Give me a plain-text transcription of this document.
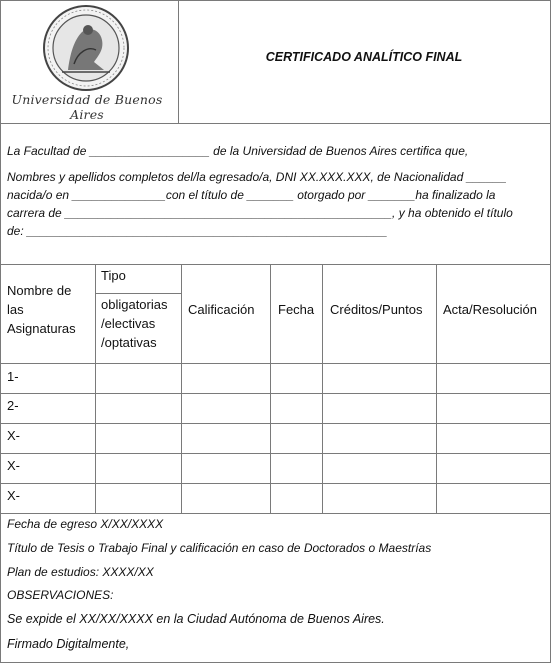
Universidad de Buenos Aires
CERTIFICADO ANALÍTICO FINAL
La Facultad de __________________ de la Universidad de Buenos Aires certifica que,
Nombres y apellidos completos del/la egresado/a, DNI XX.XXX.XXX, de Nacionalidad ______
nacida/o en ______________con el título de _______ otorgado por _______ha finalizado la
carrera de _________________________________________________, y ha obtenido el título
de: ______________________________________________________
Nombre de
las
Asignaturas
Tipo
obligatorias
/electivas
/optativas
Calificación Fecha Créditos/Puntos Acta/Resolución
1-
2-
X-
X-
X-
Fecha de egreso X/XX/XXXX
Título de Tesis o Trabajo Final y calificación en caso de Doctorados o Maestrías
Plan de estudios: XXXX/XX
OBSERVACIONES:
Se expide el XX/XX/XXXX en la Ciudad Autónoma de Buenos Aires.
Firmado Digitalmente,
